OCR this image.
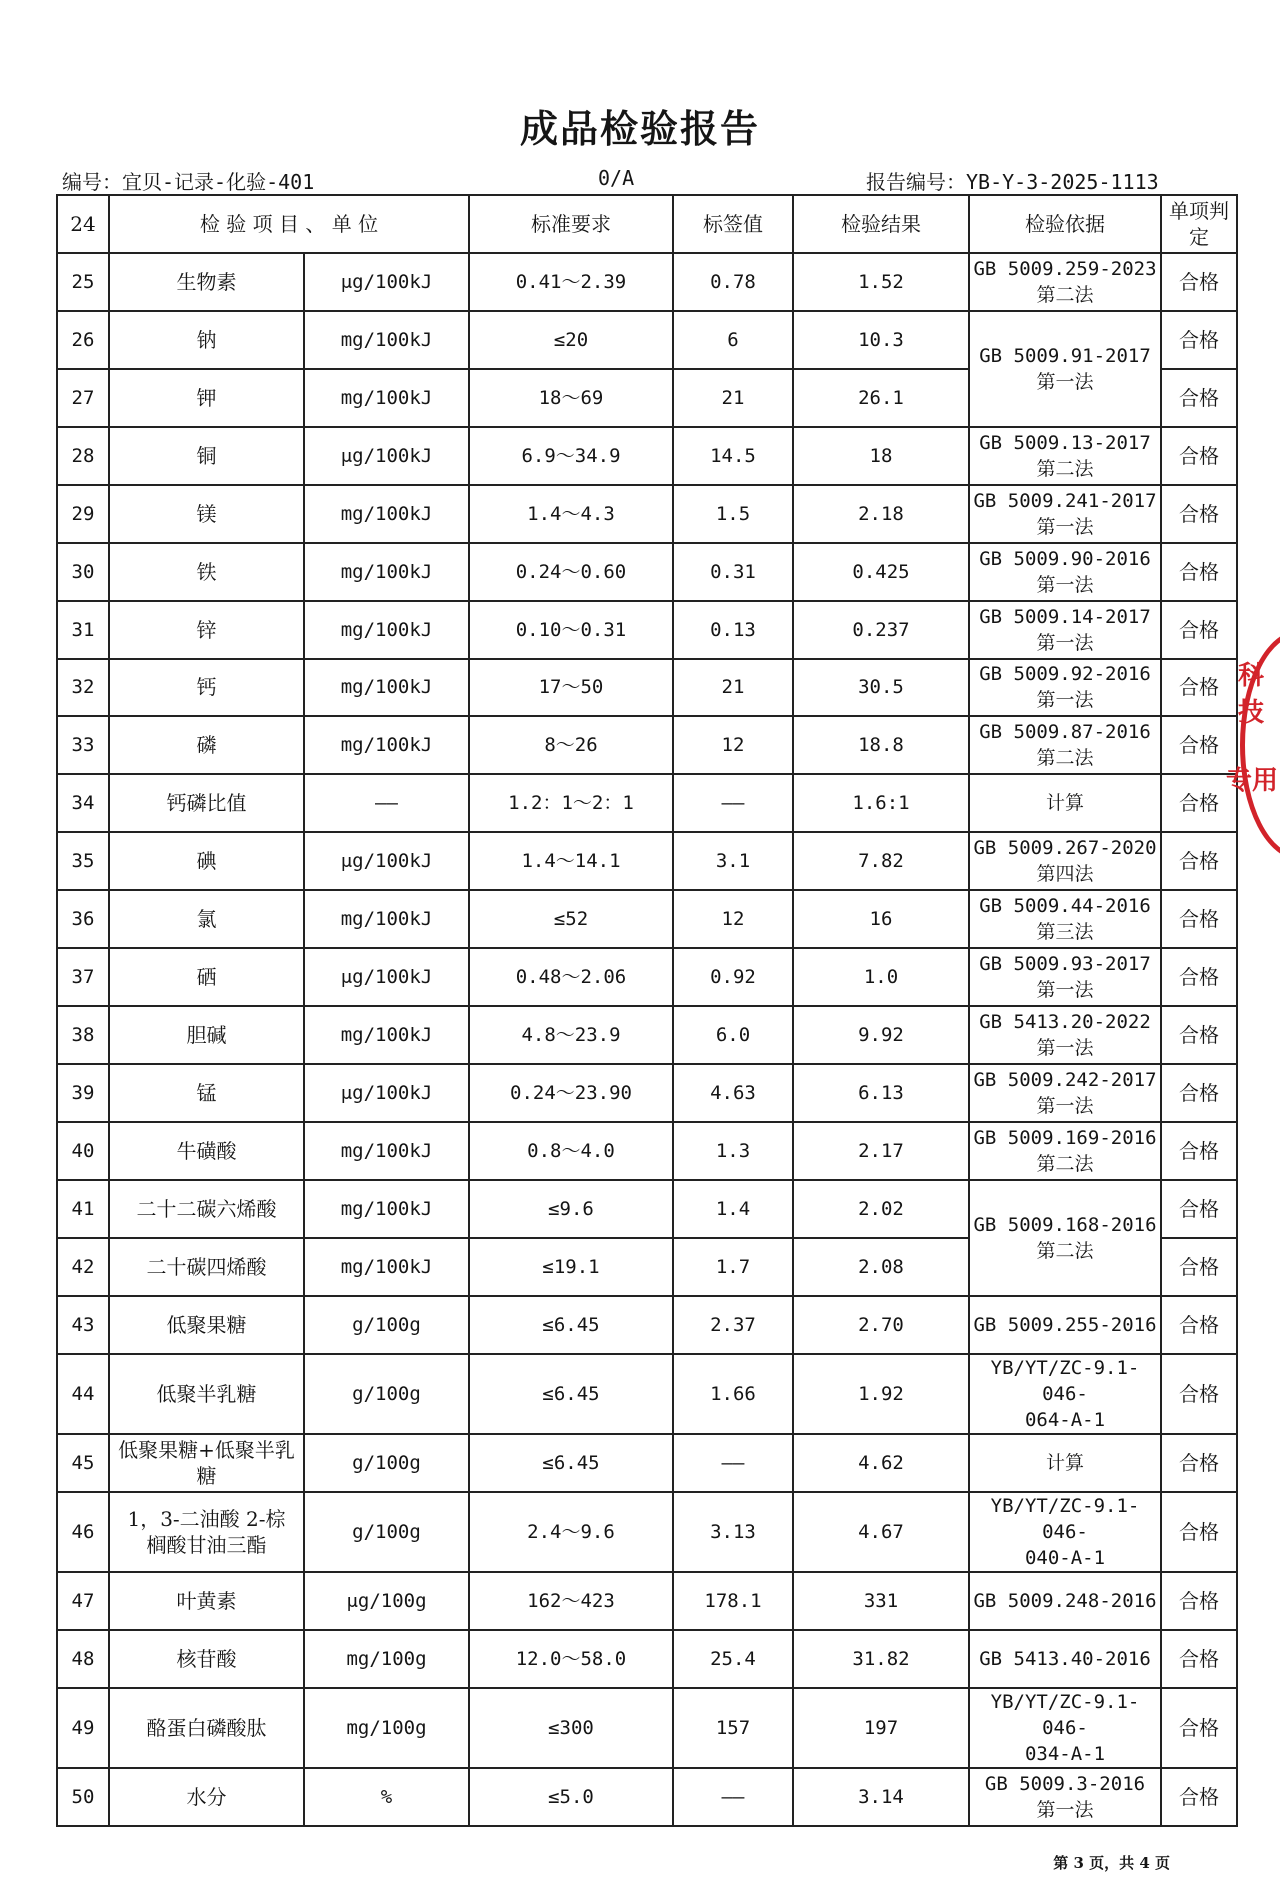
成品检验报告
编号：宜贝-记录-化验-401	0/A	报告编号：YB-Y-3-2025-1113
24	检 验 项 目 、 单 位		标准要求	标签值	检验结果	检验依据	单项判定
25	生物素	μg/100kJ	0.41～2.39	0.78	1.52	GB 5009.259-2023
第二法	合格
26	钠	mg/100kJ	≤20	6	10.3	GB 5009.91-2017
第一法	合格
27	钾	mg/100kJ	18～69	21	26.1		合格
28	铜	μg/100kJ	6.9～34.9	14.5	18	GB 5009.13-2017
第二法	合格
29	镁	mg/100kJ	1.4～4.3	1.5	2.18	GB 5009.241-2017
第一法	合格
30	铁	mg/100kJ	0.24～0.60	0.31	0.425	GB 5009.90-2016
第一法	合格
31	锌	mg/100kJ	0.10～0.31	0.13	0.237	GB 5009.14-2017
第一法	合格
32	钙	mg/100kJ	17～50	21	30.5	GB 5009.92-2016
第一法	合格
33	磷	mg/100kJ	8～26	12	18.8	GB 5009.87-2016
第二法	合格
34	钙磷比值	——	1.2：1～2：1	——	1.6:1	计算	合格
35	碘	μg/100kJ	1.4～14.1	3.1	7.82	GB 5009.267-2020
第四法	合格
36	氯	mg/100kJ	≤52	12	16	GB 5009.44-2016
第三法	合格
37	硒	μg/100kJ	0.48～2.06	0.92	1.0	GB 5009.93-2017
第一法	合格
38	胆碱	mg/100kJ	4.8～23.9	6.0	9.92	GB 5413.20-2022
第一法	合格
39	锰	μg/100kJ	0.24～23.90	4.63	6.13	GB 5009.242-2017
第一法	合格
40	牛磺酸	mg/100kJ	0.8～4.0	1.3	2.17	GB 5009.169-2016
第二法	合格
41	二十二碳六烯酸	mg/100kJ	≤9.6	1.4	2.02	GB 5009.168-2016
第二法	合格
42	二十碳四烯酸	mg/100kJ	≤19.1	1.7	2.08		合格
43	低聚果糖	g/100g	≤6.45	2.37	2.70	GB 5009.255-2016	合格
44	低聚半乳糖	g/100g	≤6.45	1.66	1.92	YB/YT/ZC-9.1-046-
064-A-1	合格
45	低聚果糖+低聚半乳
糖	g/100g	≤6.45	——	4.62	计算	合格
46	1，3-二油酸 2-棕
榈酸甘油三酯	g/100g	2.4～9.6	3.13	4.67	YB/YT/ZC-9.1-046-
040-A-1	合格
47	叶黄素	μg/100g	162～423	178.1	331	GB 5009.248-2016	合格
48	核苷酸	mg/100g	12.0～58.0	25.4	31.82	GB 5413.40-2016	合格
49	酪蛋白磷酸肽	mg/100g	≤300	157	197	YB/YT/ZC-9.1-046-
034-A-1	合格
50	水分	%	≤5.0	——	3.14	GB 5009.3-2016
第一法	合格
科技
专用
第 3 页，共 4 页
